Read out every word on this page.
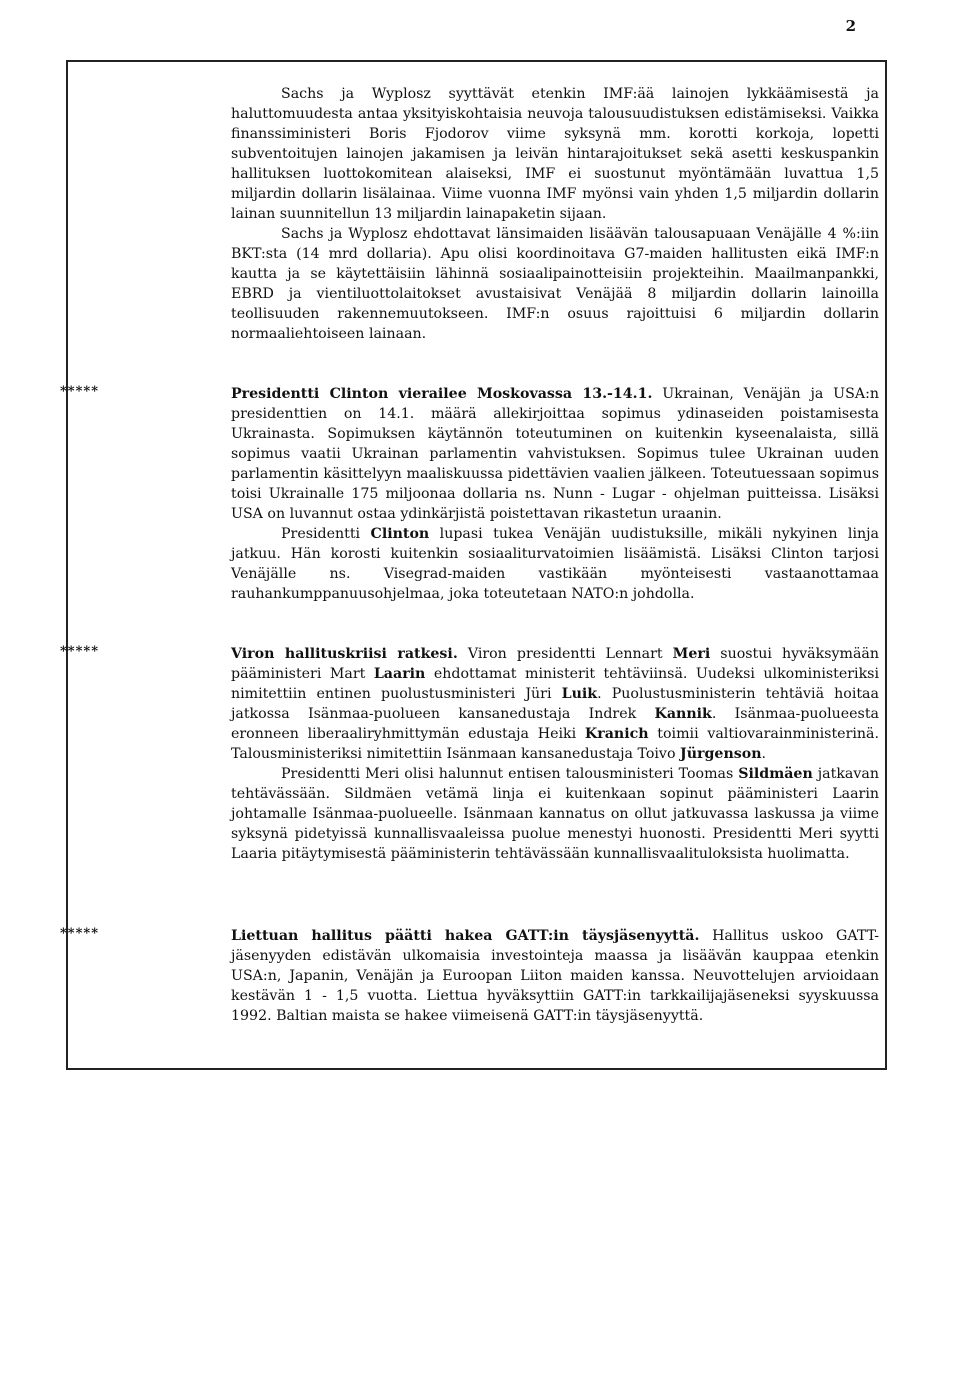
2

Sachs ja Wyplosz syyttävät etenkin IMF:ää lainojen lykkäämisestä ja haluttomuudesta antaa yksityiskohtaisia neuvoja talousuudistuksen edistämiseksi. Vaikka finanssiministeri Boris Fjodorov viime syksynä mm. korotti korkoja, lopetti subventoitujen lainojen jakamisen ja leivän hintarajoitukset sekä asetti keskuspankin hallituksen luottokomitean alaiseksi, IMF ei suostunut myöntämään luvattua 1,5 miljardin dollarin lisälainaa. Viime vuonna IMF myönsi vain yhden 1,5 miljardin dollarin lainan suunnitellun 13 miljardin lainapaketin sijaan.

Sachs ja Wyplosz ehdottavat länsimaiden lisäävän talousapuaan Venäjälle 4 %:iin BKT:sta (14 mrd dollaria). Apu olisi koordinoitava G7-maiden hallitusten eikä IMF:n kautta ja se käytettäisiin lähinnä sosiaalipainotteisiin projekteihin. Maailmanpankki, EBRD ja vientiluottolaitokset avustaisivat Venäjää 8 miljardin dollarin lainoilla teollisuuden rakennemuutokseen. IMF:n osuus rajoittuisi 6 miljardin dollarin normaaliehtoiseen lainaan.

*****	Presidentti Clinton vierailee Moskovassa 13.-14.1. Ukrainan, Venäjän ja USA:n presidenttien on 14.1. määrä allekirjoittaa sopimus ydinaseiden poistamisesta Ukrainasta. Sopimuksen käytännön toteutuminen on kuitenkin kyseenalaista, sillä sopimus vaatii Ukrainan parlamentin vahvistuksen. Sopimus tulee Ukrainan uuden parlamentin käsittelyyn maaliskuussa pidettävien vaalien jälkeen. Toteutuessaan sopimus toisi Ukrainalle 175 miljoonaa dollaria ns. Nunn - Lugar - ohjelman puitteissa. Lisäksi USA on luvannut ostaa ydinkärjistä poistettavan rikastetun uraanin.

Presidentti Clinton lupasi tukea Venäjän uudistuksille, mikäli nykyinen linja jatkuu. Hän korosti kuitenkin sosiaaliturvatoimien lisäämistä. Lisäksi Clinton tarjosi Venäjälle ns. Visegrad-maiden vastikään myönteisesti vastaanottamaa rauhankumppanuusohjelmaa, joka toteutetaan NATO:n johdolla.

*****	Viron hallituskriisi ratkesi. Viron presidentti Lennart Meri suostui hyväksymään pääministeri Mart Laarin ehdottamat ministerit tehtäviinsä. Uudeksi ulkoministeriksi nimitettiin entinen puolustusministeri Jüri Luik. Puolustusministerin tehtäviä hoitaa jatkossa Isänmaa-puolueen kansanedustaja Indrek Kannik. Isänmaa-puolueesta eronneen liberaaliryhmittymän edustaja Heiki Kranich toimii valtiovarainministerinä. Talousministeriksi nimitettiin Isänmaan kansanedustaja Toivo Jürgenson.

Presidentti Meri olisi halunnut entisen talousministeri Toomas Sildmäen jatkavan tehtävässään. Sildmäen vetämä linja ei kuitenkaan sopinut pääministeri Laarin johtamalle Isänmaa-puolueelle. Isänmaan kannatus on ollut jatkuvassa laskussa ja viime syksynä pidetyissä kunnallisvaaleissa puolue menestyi huonosti. Presidentti Meri syytti Laaria pitäytymisestä pääministerin tehtävässään kunnallisvaalituloksista huolimatta.

*****	Liettuan hallitus päätti hakea GATT:in täysjäsenyyttä. Hallitus uskoo GATT-jäsenyyden edistävän ulkomaisia investointeja maassa ja lisäävän kauppaa etenkin USA:n, Japanin, Venäjän ja Euroopan Liiton maiden kanssa. Neuvottelujen arvioidaan kestävän 1 - 1,5 vuotta. Liettua hyväksyttiin GATT:in tarkkailijajäseneksi syyskuussa 1992. Baltian maista se hakee viimeisenä GATT:in täysjäsenyyttä.
